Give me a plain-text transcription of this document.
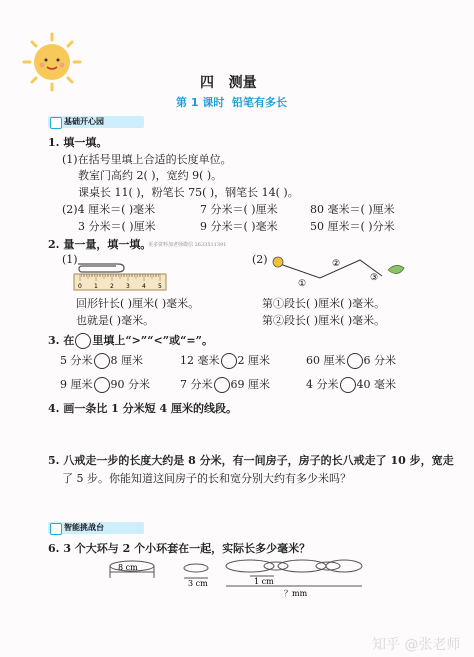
四 测量
第 1 课时 铅笔有多长
基础开心园
1. 填一填。
(1)在括号里填上合适的长度单位。
教室门高约 2( )，宽约 9( )。
课桌长 11( )，粉笔长 75( )，钢笔长 14( )。
(2)4 厘米＝( )毫米	7 分米＝( )厘米	80 毫米＝( )厘米
3 分米＝( )厘米	9 分米＝( )毫米	50 厘米＝( )分米
2. 量一量，填一填。
更多资料加老师微信 2633511391
(1)	(2)
0 1 2 3 4 5	①
②
③
回形针长( )厘米( )毫米。
也就是( )毫米。
第①段长( )厘米( )毫米。
第②段长( )厘米( )毫米。
3. 在 里填上“>”“<”或“=”。
5 分米 8 厘米	12 毫米 2 厘米	60 厘米 6 分米
9 厘米 90 分米	7 分米 69 厘米	4 分米 40 毫米
4. 画一条比 1 分米短 4 厘米的线段。
5. 八戒走一步的长度大约是 8 分米，有一间房子，房子的长八戒走了 10 步，宽走
了 5 步。你能知道这间房子的长和宽分别大约有多少米吗？
智能挑战台
6. 3 个大环与 2 个小环套在一起，实际长多少毫米？
8 cm
3 cm	1 cm
？mm
知乎 @张老师
